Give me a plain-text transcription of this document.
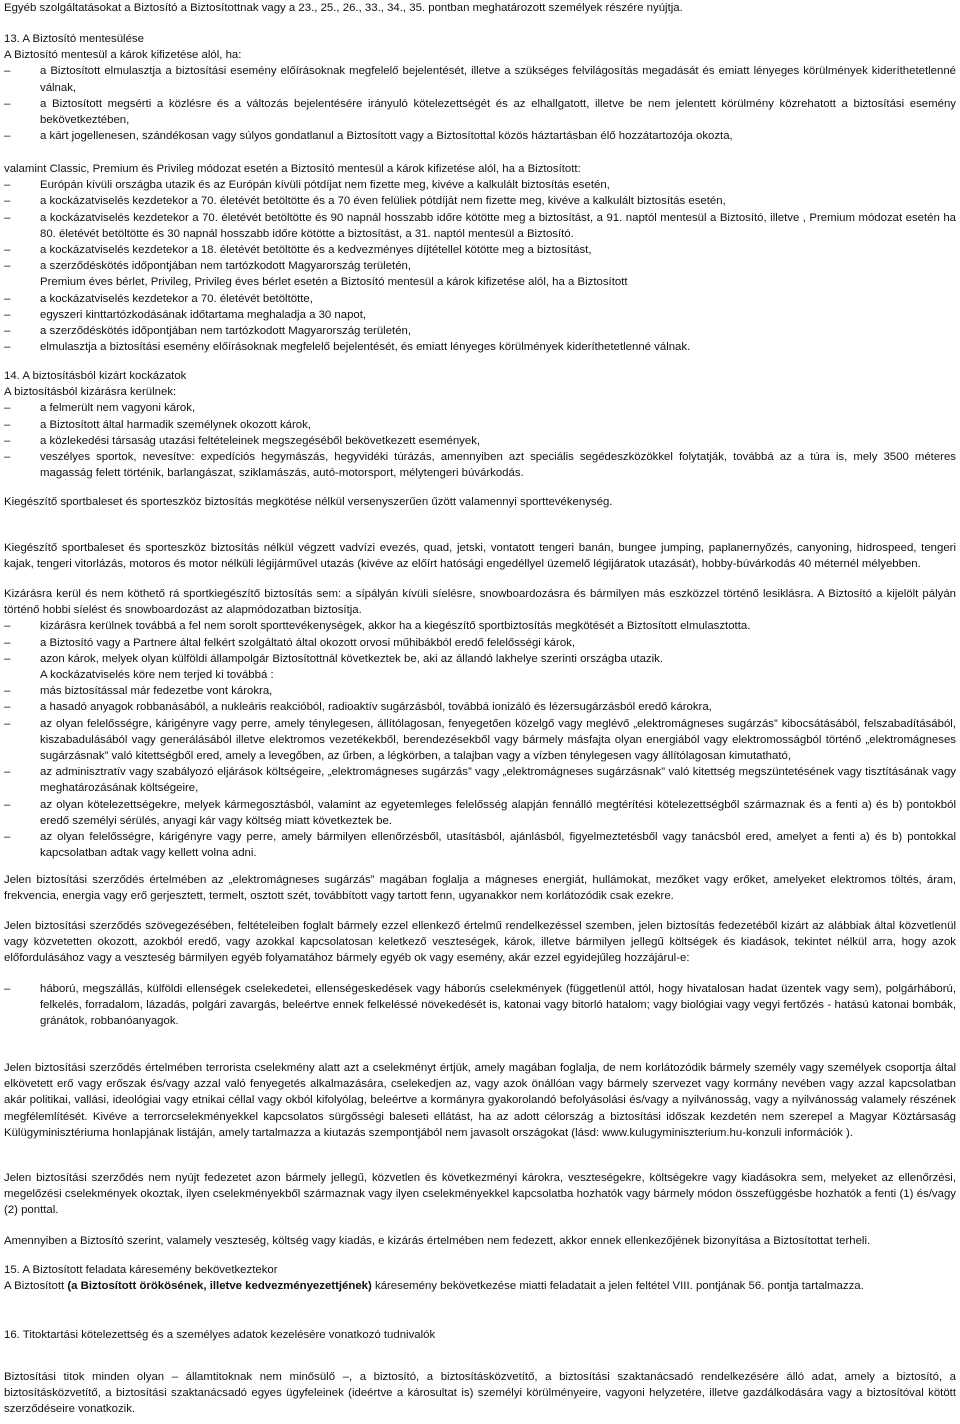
Egyéb szolgáltatásokat a Biztosító a Biztosítottnak vagy a 23., 25., 26., 33., 34., 35. pontban meghatározott személyek részére nyújtja.

13. A Biztosító mentesülése

A Biztosító mentesül a károk kifizetése alól, ha:

– a Biztosított elmulasztja a biztosítási esemény előírásoknak megfelelő bejelentését, illetve a szükséges felvilágosítás megadását és emiatt lényeges körülmények kideríthetetlenné válnak,

– a Biztosított megsérti a közlésre és a változás bejelentésére irányuló kötelezettségét és az elhallgatott, illetve be nem jelentett körülmény közrehatott a biztosítási esemény bekövetkeztében,

– a kárt jogellenesen, szándékosan vagy súlyos gondatlanul a Biztosított vagy a Biztosítottal közös háztartásban élő hozzátartozója okozta,

valamint Classic, Premium és Privileg módozat esetén a Biztosító mentesül a károk kifizetése alól, ha a Biztosított:

– Európán kívüli országba utazik és az Európán kívüli pótdíjat nem fizette meg, kivéve a kalkulált biztosítás esetén,

– a kockázatviselés kezdetekor a 70. életévét betöltötte és a 70 éven felüliek pótdíját nem fizette meg, kivéve a kalkulált biztosítás esetén,

– a kockázatviselés kezdetekor a 70. életévét betöltötte és 90 napnál hosszabb időre kötötte meg a biztosítást, a 91. naptól mentesül a Biztosító, illetve , Premium módozat esetén ha 80. életévét betöltötte és 30 napnál hosszabb időre kötötte a biztosítást, a 31. naptól mentesül a Biztosító.

– a kockázatviselés kezdetekor a 18. életévét betöltötte és a kedvezményes díjtétellel kötötte meg a biztosítást,

– a szerződéskötés időpontjában nem tartózkodott Magyarország területén,

Premium éves bérlet, Privileg, Privileg éves bérlet esetén a Biztosító mentesül a károk kifizetése alól, ha a Biztosított

– a kockázatviselés kezdetekor a 70. életévét betöltötte,

– egyszeri kinttartózkodásának időtartama meghaladja a 30 napot,

– a szerződéskötés időpontjában nem tartózkodott Magyarország területén,

– elmulasztja a biztosítási esemény előírásoknak megfelelő bejelentését, és emiatt lényeges körülmények kideríthetetlenné válnak.

14. A biztosításból kizárt kockázatok

A biztosításból kizárásra kerülnek:

– a felmerült nem vagyoni károk,

– a Biztosított által harmadik személynek okozott károk,

– a közlekedési társaság utazási feltételeinek megszegéséből bekövetkezett események,

– veszélyes sportok, nevesítve: expedíciós hegymászás, hegyvidéki túrázás, amennyiben azt speciális segédeszközökkel folytatják, továbbá az a túra is, mely 3500 méteres magasság felett történik, barlangászat, sziklamászás, autó-motorsport, mélytengeri búvárkodás.

Kiegészítő sportbaleset és sporteszköz biztosítás megkötése nélkül versenyszerűen űzött valamennyi sporttevékenység.

Kiegészítő sportbaleset és sporteszköz biztosítás nélkül végzett vadvízi evezés, quad, jetski, vontatott tengeri banán, bungee jumping, paplanernyőzés, canyoning, hidrospeed, tengeri kajak, tengeri vitorlázás, motoros és motor nélküli légijárművel utazás (kivéve az előírt hatósági engedéllyel üzemelő légijáratok utazását), hobby-búvárkodás 40 méternél mélyebben.

Kizárásra kerül és nem köthető rá sportkiegészítő biztosítás sem: a sípályán kívüli síelésre, snowboardozásra és bármilyen más eszközzel történő lesiklásra. A Biztosító a kijelölt pályán történő hobbi síelést és snowboardozást az alapmódozatban biztosítja.

– kizárásra kerülnek továbbá a fel nem sorolt sporttevékenységek, akkor ha a kiegészítő sportbiztosítás megkötését a Biztosított elmulasztotta.

– a Biztosító vagy a Partnere által felkért szolgáltató által okozott orvosi műhibákból eredő felelősségi károk,

– azon károk, melyek olyan külföldi állampolgár Biztosítottnál következtek be, aki az állandó lakhelye szerinti országba utazik.

A kockázatviselés köre nem terjed ki továbbá :

– más biztosítással már fedezetbe vont károkra,

– a hasadó anyagok robbanásából, a nukleáris reakcióból, radioaktív sugárzásból, továbbá ionizáló és lézersugárzásból eredő károkra,

– az olyan felelősségre, kárigényre vagy perre, amely ténylegesen, állítólagosan, fenyegetően közelgő vagy meglévő „elektromágneses sugárzás” kibocsátásából, felszabadításából, kiszabadulásából vagy generálásából illetve elektromos vezetékekből, berendezésekből vagy bármely másfajta olyan energiából vagy elektromosságból történő „elektromágneses sugárzásnak” való kitettségből ered, amely a levegőben, az űrben, a légkörben, a talajban vagy a vízben ténylegesen vagy állítólagosan kimutatható,

– az adminisztratív vagy szabályozó eljárások költségeire, „elektromágneses sugárzás” vagy „elektromágneses sugárzásnak” való kitettség megszüntetésének vagy tisztításának vagy meghatározásának költségeire,

– az olyan kötelezettségekre, melyek kármegosztásból, valamint az egyetemleges felelősség alapján fennálló megtérítési kötelezettségből származnak és a fenti a) és b) pontokból eredő személyi sérülés, anyagi kár vagy költség miatt következtek be.

– az olyan felelősségre, kárigényre vagy perre, amely bármilyen ellenőrzésből, utasításból, ajánlásból, figyelmeztetésből vagy tanácsból ered, amelyet a fenti a) és b) pontokkal kapcsolatban adtak vagy kellett volna adni.

Jelen biztosítási szerződés értelmében az „elektromágneses sugárzás” magában foglalja a mágneses energiát, hullámokat, mezőket vagy erőket, amelyeket elektromos töltés, áram, frekvencia, energia vagy erő gerjesztett, termelt, osztott szét, továbbított vagy tartott fenn, ugyanakkor nem korlátozódik csak ezekre.

Jelen biztosítási szerződés szövegezésében, feltételeiben foglalt bármely ezzel ellenkező értelmű rendelkezéssel szemben, jelen biztosítás fedezetéből kizárt az alábbiak által közvetlenül vagy közvetetten okozott, azokból eredő, vagy azokkal kapcsolatosan keletkező veszteségek, károk, illetve bármilyen jellegű költségek és kiadások, tekintet nélkül arra, hogy azok előfordulásához vagy a veszteség bármilyen egyéb folyamatához bármely egyéb ok vagy esemény, akár ezzel egyidejűleg hozzájárul-e:

– háború, megszállás, külföldi ellenségek cselekedetei, ellenségeskedések vagy háborús cselekmények (függetlenül attól, hogy hivatalosan hadat üzentek vagy sem), polgárháború, felkelés, forradalom, lázadás, polgári zavargás, beleértve ennek felkeléssé növekedését is, katonai vagy bitorló hatalom; vagy biológiai vagy vegyi fertőzés - hatású katonai bombák, gránátok, robbanóanyagok.

Jelen biztosítási szerződés értelmében terrorista cselekmény alatt azt a cselekményt értjük, amely magában foglalja, de nem korlátozódik bármely személy vagy személyek csoportja által elkövetett erő vagy erőszak és/vagy azzal való fenyegetés alkalmazására, cselekedjen az, vagy azok önállóan vagy bármely szervezet vagy kormány nevében vagy azzal kapcsolatban akár politikai, vallási, ideológiai vagy etnikai céllal vagy okból kifolyólag, beleértve a kormányra gyakorolandó befolyásolási és/vagy a nyilvánosság, vagy a nyilvánosság valamely részének megfélemlítését. Kivéve a terrorcselekményekkel kapcsolatos sürgősségi baleseti ellátást, ha az adott célország a biztosítási időszak kezdetén nem szerepel a Magyar Köztársaság Külügyminisztériuma honlapjának listáján, amely tartalmazza a kiutazás szempontjából nem javasolt országokat (lásd: www.kulugyminiszterium.hu-konzuli információk ).

Jelen biztosítási szerződés nem nyújt fedezetet azon bármely jellegű, közvetlen és következményi károkra, veszteségekre, költségekre vagy kiadásokra sem, melyeket az ellenőrzési, megelőzési cselekmények okoztak, ilyen cselekményekből származnak vagy ilyen cselekményekkel kapcsolatba hozhatók vagy bármely módon összefüggésbe hozhatók a fenti (1) és/vagy (2) ponttal.

Amennyiben a Biztosító szerint, valamely veszteség, költség vagy kiadás, e kizárás értelmében nem fedezett, akkor ennek ellenkezőjének bizonyítása a Biztosítottat terheli.

15. A Biztosított feladata káresemény bekövetkeztekor

A Biztosított (a Biztosított örökösének, illetve kedvezményezettjének) káresemény bekövetkezése miatti feladatait a jelen feltétel VIII. pontjának 56. pontja tartalmazza.

16. Titoktartási kötelezettség és a személyes adatok kezelésére vonatkozó tudnivalók

Biztosítási titok minden olyan – államtitoknak nem minősülő –, a biztosító, a biztosításközvetítő, a biztosítási szaktanácsadó rendelkezésére álló adat, amely a biztosító, a biztosításközvetítő, a biztosítási szaktanácsadó egyes ügyfeleinek (ideértve a károsultat is) személyi körülményeire, vagyoni helyzetére, illetve gazdálkodására vagy a biztosítóval kötött szerződéseire vonatkozik.
